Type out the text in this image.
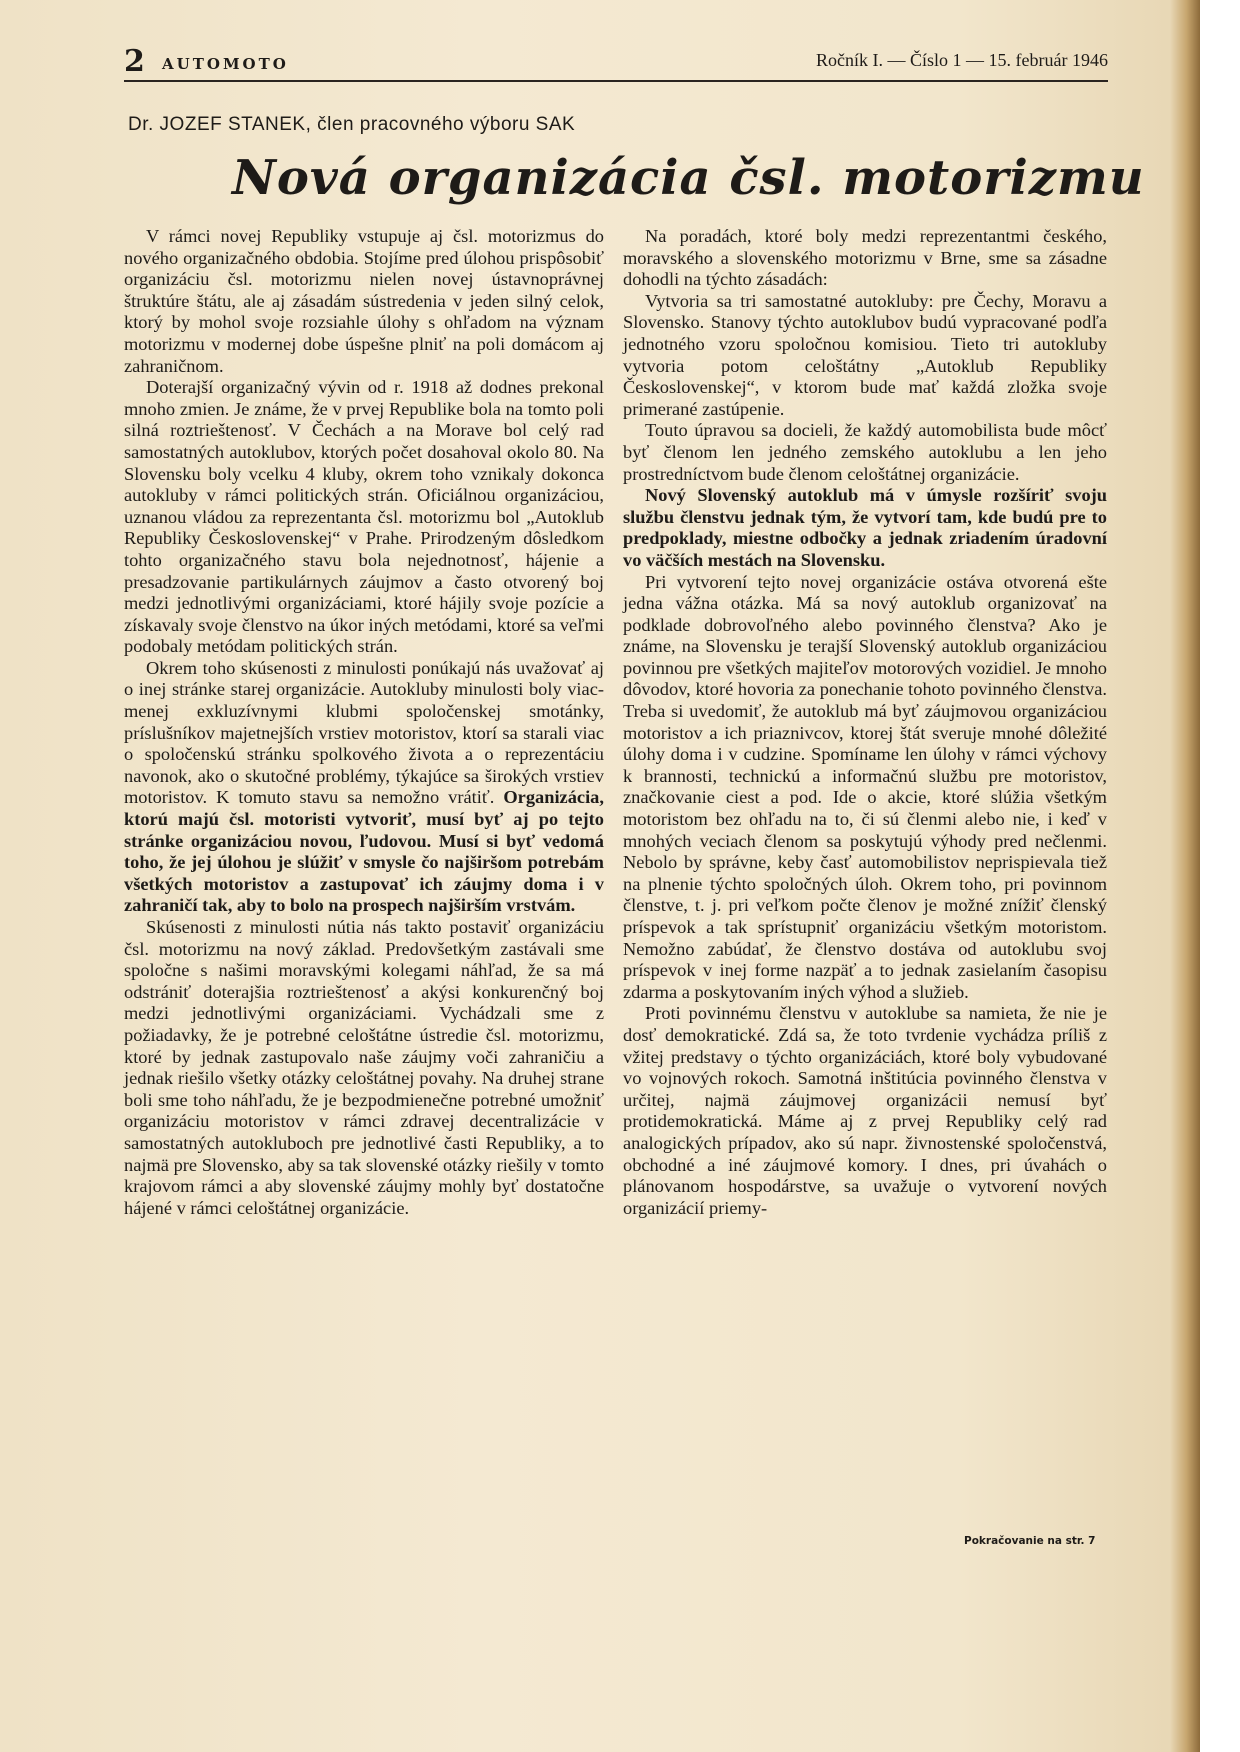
2 AUTOMOTO	Ročník I. — Číslo 1 — 15. február 1946
Dr. JOZEF STANEK, člen pracovného výboru SAK
Nová organizácia čsl. motorizmu

V rámci novej Republiky vstupuje aj čsl. motorizmus do nového organizačného obdobia. Stojíme pred úlohou prispôsobiť organizáciu čsl. motorizmu nielen novej ústavnoprávnej štruktúre štátu, ale aj zásadám sústredenia v jeden silný celok, ktorý by mohol svoje rozsiahle úlohy s ohľadom na význam motorizmu v modernej dobe úspešne plniť na poli domácom aj zahraničnom.

Doterajší organizačný vývin od r. 1918 až dodnes prekonal mnoho zmien. Je známe, že v prvej Republike bola na tomto poli silná roztrieštenosť. V Čechách a na Morave bol celý rad samostatných autoklubov, ktorých počet dosahoval okolo 80. Na Slovensku boly vcelku 4 kluby, okrem toho vznikaly dokonca autokluby v rámci politických strán. Oficiálnou organizáciou, uznanou vládou za reprezentanta čsl. motorizmu bol „Autoklub Republiky Československej“ v Prahe. Prirodzeným dôsledkom tohto organizačného stavu bola nejednotnosť, hájenie a presadzovanie partikulárnych záujmov a často otvorený boj medzi jednotlivými organizáciami, ktoré hájily svoje pozície a získavaly svoje členstvo na úkor iných metódami, ktoré sa veľmi podobaly metódam politických strán.

Okrem toho skúsenosti z minulosti ponúkajú nás uvažovať aj o inej stránke starej organizácie. Autokluby minulosti boly viac-menej exkluzívnymi klubmi spoločenskej smotánky, príslušníkov majetnejších vrstiev motoristov, ktorí sa starali viac o spoločenskú stránku spolkového života a o reprezentáciu navonok, ako o skutočné problémy, týkajúce sa širokých vrstiev motoristov. K tomuto stavu sa nemožno vrátiť. Organizácia, ktorú majú čsl. motoristi vytvoriť, musí byť aj po tejto stránke organizáciou novou, ľudovou. Musí si byť vedomá toho, že jej úlohou je slúžiť v smysle čo najširšom potrebám všetkých motoristov a zastupovať ich záujmy doma i v zahraničí tak, aby to bolo na prospech najširším vrstvám.

Skúsenosti z minulosti nútia nás takto postaviť organizáciu čsl. motorizmu na nový základ. Predovšetkým zastávali sme spoločne s našimi moravskými kolegami náhľad, že sa má odstrániť doterajšia roztrieštenosť a akýsi konkurenčný boj medzi jednotlivými organizáciami. Vychádzali sme z požiadavky, že je potrebné celoštátne ústredie čsl. motorizmu, ktoré by jednak zastupovalo naše záujmy voči zahraničiu a jednak riešilo všetky otázky celoštátnej povahy. Na druhej strane boli sme toho náhľadu, že je bezpodmienečne potrebné umožniť organizáciu motoristov v rámci zdravej decentralizácie v samostatných autokluboch pre jednotlivé časti Republiky, a to najmä pre Slovensko, aby sa tak slovenské otázky riešily v tomto krajovom rámci a aby slovenské záujmy mohly byť dostatočne hájené v rámci celoštátnej organizácie.

Na poradách, ktoré boly medzi reprezentantmi českého, moravského a slovenského motorizmu v Brne, sme sa zásadne dohodli na týchto zásadách:

Vytvoria sa tri samostatné autokluby: pre Čechy, Moravu a Slovensko. Stanovy týchto autoklubov budú vypracované podľa jednotného vzoru spoločnou komisiou. Tieto tri autokluby vytvoria potom celoštátny „Autoklub Republiky Československej“, v ktorom bude mať každá zložka svoje primerané zastúpenie.

Touto úpravou sa docieli, že každý automobilista bude môcť byť členom len jedného zemského autoklubu a len jeho prostredníctvom bude členom celoštátnej organizácie.

Nový Slovenský autoklub má v úmysle rozšíriť svoju službu členstvu jednak tým, že vytvorí tam, kde budú pre to predpoklady, miestne odbočky a jednak zriadením úradovní vo väčších mestách na Slovensku.

Pri vytvorení tejto novej organizácie ostáva otvorená ešte jedna vážna otázka. Má sa nový autoklub organizovať na podklade dobrovoľného alebo povinného členstva? Ako je známe, na Slovensku je terajší Slovenský autoklub organizáciou povinnou pre všetkých majiteľov motorových vozidiel. Je mnoho dôvodov, ktoré hovoria za ponechanie tohoto povinného členstva. Treba si uvedomiť, že autoklub má byť záujmovou organizáciou motoristov a ich priaznivcov, ktorej štát sveruje mnohé dôležité úlohy doma i v cudzine. Spomíname len úlohy v rámci výchovy k brannosti, technickú a informačnú službu pre motoristov, značkovanie ciest a pod. Ide o akcie, ktoré slúžia všetkým motoristom bez ohľadu na to, či sú členmi alebo nie, i keď v mnohých veciach členom sa poskytujú výhody pred nečlenmi. Nebolo by správne, keby časť automobilistov neprispievala tiež na plnenie týchto spoločných úloh. Okrem toho, pri povinnom členstve, t. j. pri veľkom počte členov je možné znížiť členský príspevok a tak sprístupniť organizáciu všetkým motoristom. Nemožno zabúdať, že členstvo dostáva od autoklubu svoj príspevok v inej forme nazpäť a to jednak zasielaním časopisu zdarma a poskytovaním iných výhod a služieb.

Proti povinnému členstvu v autoklube sa namieta, že nie je dosť demokratické. Zdá sa, že toto tvrdenie vychádza príliš z vžitej predstavy o týchto organizáciách, ktoré boly vybudované vo vojnových rokoch. Samotná inštitúcia povinného členstva v určitej, najmä záujmovej organizácii nemusí byť protidemokratická. Máme aj z prvej Republiky celý rad analogických prípadov, ako sú napr. živnostenské spoločenstvá, obchodné a iné záujmové komory. I dnes, pri úvahách o plánovanom hospodárstve, sa uvažuje o vytvorení nových organizácií priemy-

Pokračovanie na str. 7
